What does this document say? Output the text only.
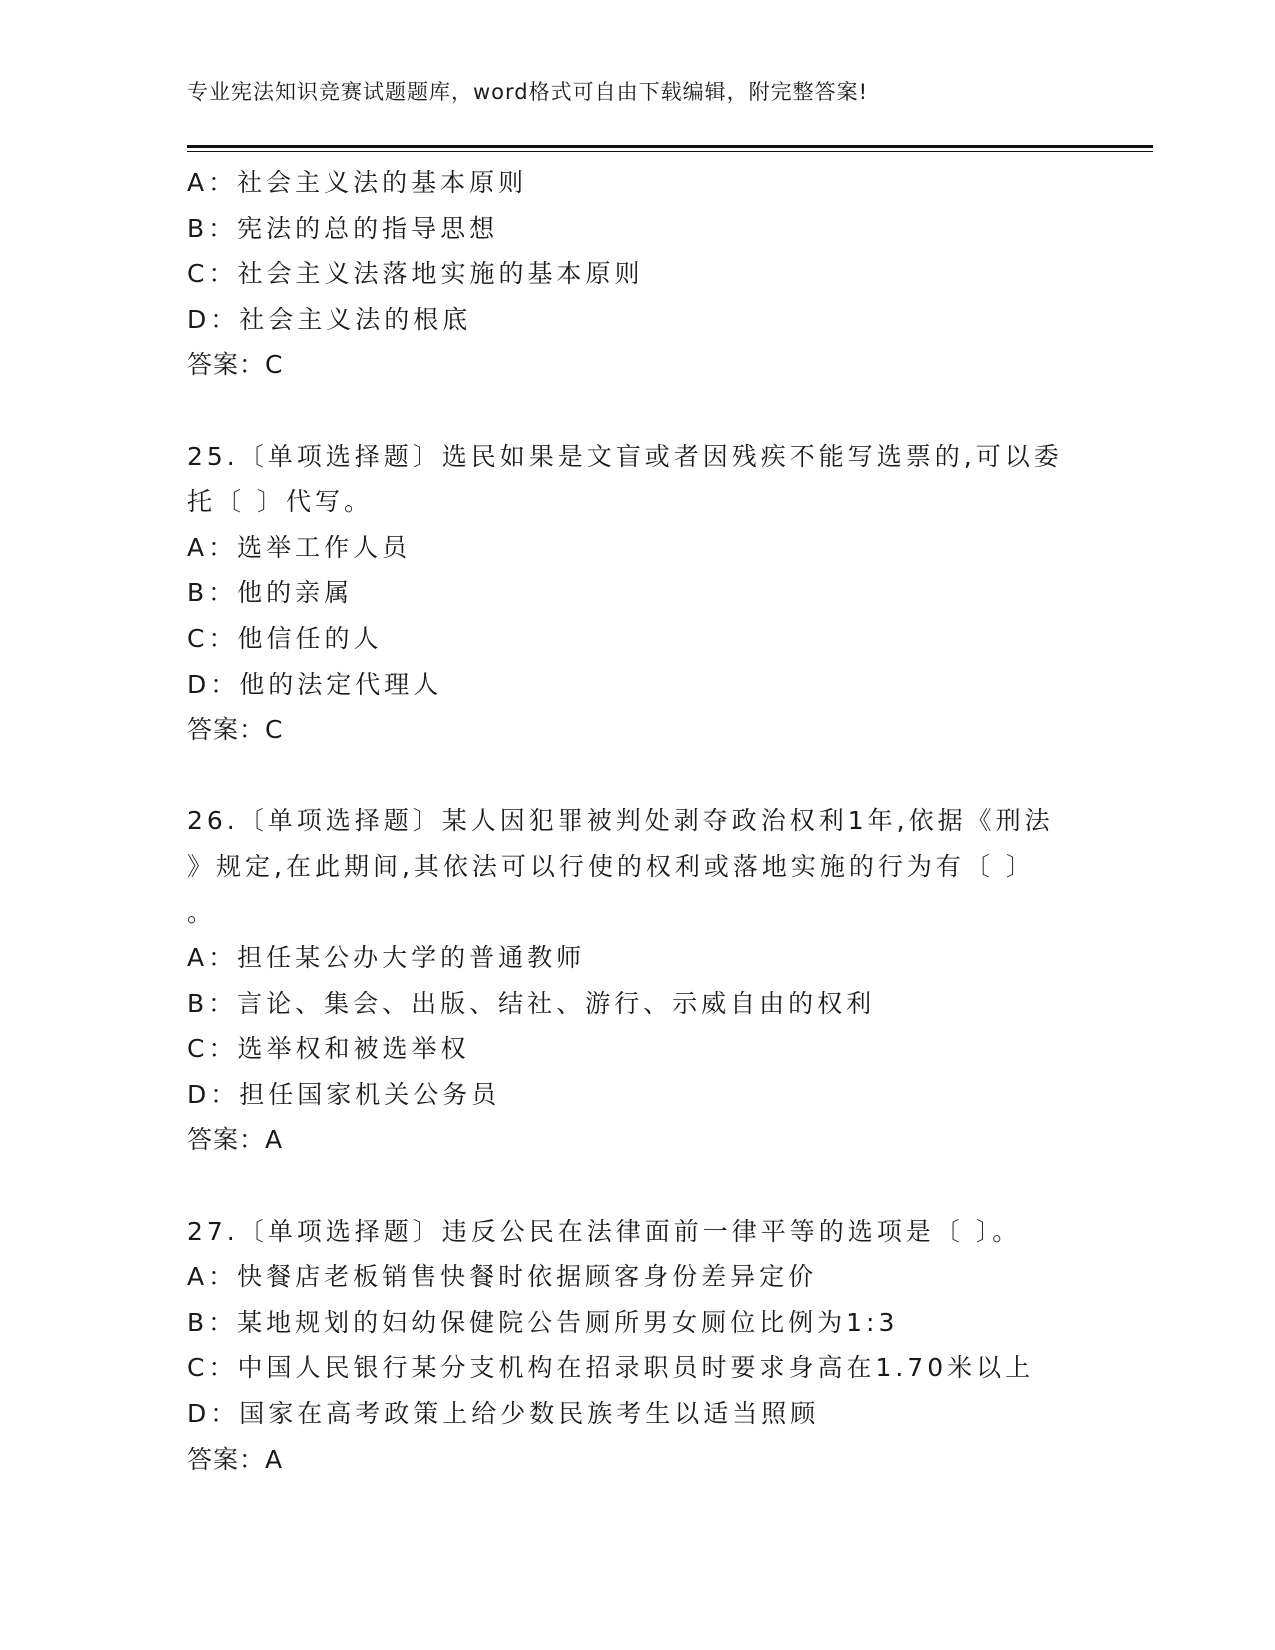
专业宪法知识竞赛试题题库，word格式可自由下载编辑，附完整答案!
A：社会主义法的基本原则
B：宪法的总的指导思想
C：社会主义法落地实施的基本原则
D：社会主义法的根底
答案：C
25.〔单项选择题〕选民如果是文盲或者因残疾不能写选票的,可以委
托〔 〕代写。
A：选举工作人员
B：他的亲属
C：他信任的人
D：他的法定代理人
答案：C
26.〔单项选择题〕某人因犯罪被判处剥夺政治权利1年,依据《刑法
》规定,在此期间,其依法可以行使的权利或落地实施的行为有〔 〕
。
A：担任某公办大学的普通教师
B：言论、集会、出版、结社、游行、示威自由的权利
C：选举权和被选举权
D：担任国家机关公务员
答案：A
27.〔单项选择题〕违反公民在法律面前一律平等的选项是〔 〕。
A：快餐店老板销售快餐时依据顾客身份差异定价
B：某地规划的妇幼保健院公告厕所男女厕位比例为1:3
C：中国人民银行某分支机构在招录职员时要求身高在1.70米以上
D：国家在高考政策上给少数民族考生以适当照顾
答案：A
